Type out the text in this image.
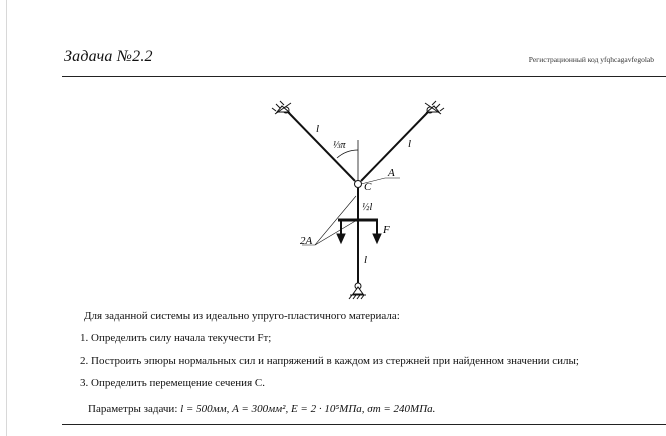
Задача №2.2	Регистрационный код yfqhcagavfegolab
l
l
⅓π
A
C
½l
F
2A
l
Для заданной системы из идеально упруго-пластичного материала:
1. Определить силу начала текучести Fт;
2. Построить эпюры нормальных сил и напряжений в каждом из стержней при найденном значении силы;
3. Определить перемещение сечения C.
Параметры задачи: l = 500мм, A = 300мм², E = 2 · 10⁵МПа, σт = 240МПа.
